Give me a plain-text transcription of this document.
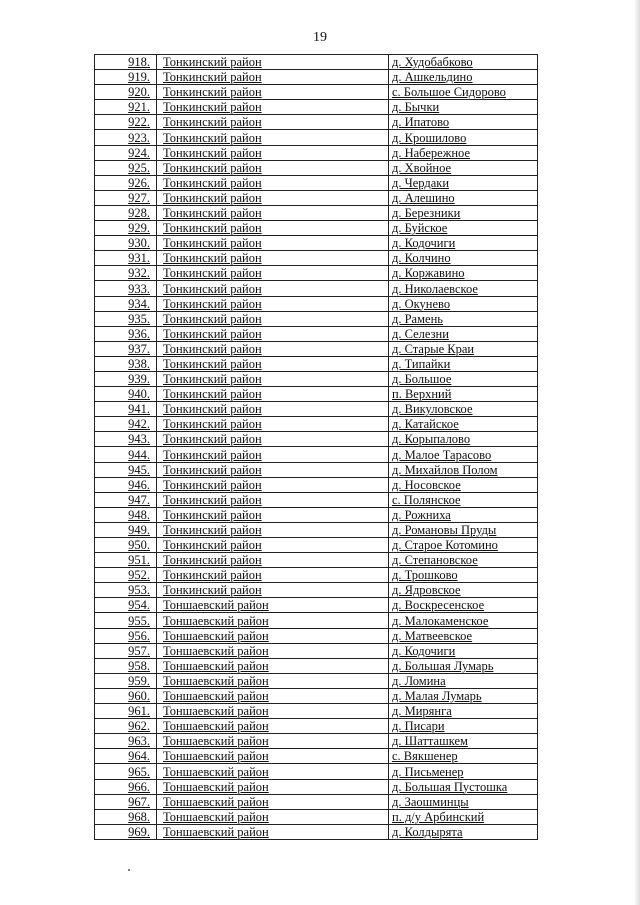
19
918.	Тонкинский район	д. Худобабково
919.	Тонкинский район	д. Ашкельдино
920.	Тонкинский район	с. Большое Сидорово
921.	Тонкинский район	д. Бычки
922.	Тонкинский район	д. Ипатово
923.	Тонкинский район	д. Крошилово
924.	Тонкинский район	д. Набережное
925.	Тонкинский район	д. Хвойное
926.	Тонкинский район	д. Чердаки
927.	Тонкинский район	д. Алешино
928.	Тонкинский район	д. Березники
929.	Тонкинский район	д. Буйское
930.	Тонкинский район	д. Кодочиги
931.	Тонкинский район	д. Колчино
932.	Тонкинский район	д. Коржавино
933.	Тонкинский район	д. Николаевское
934.	Тонкинский район	д. Окунево
935.	Тонкинский район	д. Рамень
936.	Тонкинский район	д. Селезни
937.	Тонкинский район	д. Старые Краи
938.	Тонкинский район	д. Типайки
939.	Тонкинский район	д. Большое
940.	Тонкинский район	п. Верхний
941.	Тонкинский район	д. Викуловское
942.	Тонкинский район	д. Катайское
943.	Тонкинский район	д. Корыпалово
944.	Тонкинский район	д. Малое Тарасово
945.	Тонкинский район	д. Михайлов Полом
946.	Тонкинский район	д. Носовское
947.	Тонкинский район	с. Полянское
948.	Тонкинский район	д. Рожниха
949.	Тонкинский район	д. Романовы Пруды
950.	Тонкинский район	д. Старое Котомино
951.	Тонкинский район	д. Степановское
952.	Тонкинский район	д. Трошково
953.	Тонкинский район	д. Ядровское
954.	Тоншаевский район	д. Воскресенское
955.	Тоншаевский район	д. Малокаменское
956.	Тоншаевский район	д. Матвеевское
957.	Тоншаевский район	д. Кодочиги
958.	Тоншаевский район	д. Большая Лумарь
959.	Тоншаевский район	д. Ломина
960.	Тоншаевский район	д. Малая Лумарь
961.	Тоншаевский район	д. Мирянга
962.	Тоншаевский район	д. Писари
963.	Тоншаевский район	д. Шатташкем
964.	Тоншаевский район	с. Вякшенер
965.	Тоншаевский район	д. Письменер
966.	Тоншаевский район	д. Большая Пустошка
967.	Тоншаевский район	д. Заошминцы
968.	Тоншаевский район	п. д/у Арбинский
969.	Тоншаевский район	д. Колдырята
